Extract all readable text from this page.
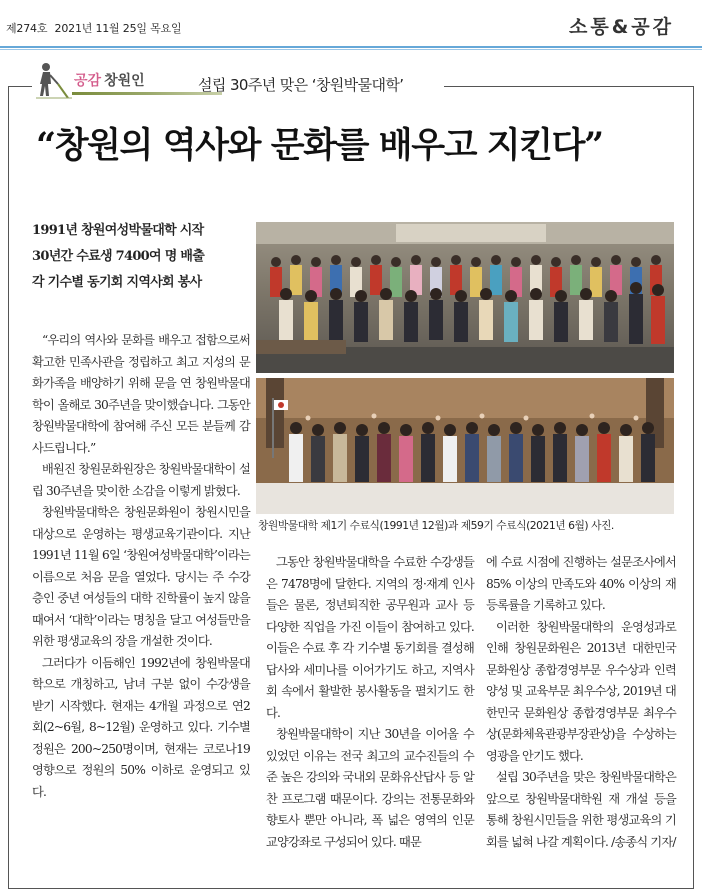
제274호 2021년 11월 25일 목요일	소통&공감
공감 창원인	설립 30주년 맞은 ‘창원박물대학’
“창원의 역사와 문화를 배우고 지킨다”
1991년 창원여성박물대학 시작
30년간 수료생 7400여 명 배출
각 기수별 동기회 지역사회 봉사
창원박물대학 제1기 수료식(1991년 12월)과 제59기 수료식(2021년 6월) 사진.

“우리의 역사와 문화를 배우고 접함으로써 확고한 민족사관을 정립하고 최고 지성의 문화가족을 배양하기 위해 문을 연 창원박물대학이 올해로 30주년을 맞이했습니다. 그동안 창원박물대학에 참여해 주신 모든 분들께 감사드립니다.”

배원진 창원문화원장은 창원박물대학이 설립 30주년을 맞이한 소감을 이렇게 밝혔다.

창원박물대학은 창원문화원이 창원시민을 대상으로 운영하는 평생교육기관이다. 지난 1991년 11월 6일 ‘창원여성박물대학’이라는 이름으로 처음 문을 열었다. 당시는 주 수강층인 중년 여성들의 대학 진학률이 높지 않을 때여서 ‘대학’이라는 명칭을 달고 여성들만을 위한 평생교육의 장을 개설한 것이다.

그러다가 이듬해인 1992년에 창원박물대학으로 개칭하고, 남녀 구분 없이 수강생을 받기 시작했다. 현재는 4개월 과정으로 연2회(2~6월, 8~12월) 운영하고 있다. 기수별 정원은 200~250명이며, 현재는 코로나19 영향으로 정원의 50% 이하로 운영되고 있다.

그동안 창원박물대학을 수료한 수강생들은 7478명에 달한다. 지역의 정·재계 인사들은 물론, 정년퇴직한 공무원과 교사 등 다양한 직업을 가진 이들이 참여하고 있다. 이들은 수료 후 각 기수별 동기회를 결성해 답사와 세미나를 이어가기도 하고, 지역사회 속에서 활발한 봉사활동을 펼치기도 한다.

창원박물대학이 지난 30년을 이어올 수 있었던 이유는 전국 최고의 교수진들의 수준 높은 강의와 국내외 문화유산답사 등 알찬 프로그램 때문이다. 강의는 전통문화와 향토사 뿐만 아니라, 폭 넓은 영역의 인문 교양강좌로 구성되어 있다. 때문

에 수료 시점에 진행하는 설문조사에서 85% 이상의 만족도와 40% 이상의 재 등록률을 기록하고 있다.

이러한 창원박물대학의 운영성과로 인해 창원문화원은 2013년 대한민국 문화원상 종합경영부문 우수상과 인력양성 및 교육부문 최우수상, 2019년 대한민국 문화원상 종합경영부문 최우수상(문화체육관광부장관상)을 수상하는 영광을 안기도 했다.

설립 30주년을 맞은 창원박물대학은 앞으로 창원박물대학원 재 개설 등을 통해 창원시민들을 위한 평생교육의 기회를 넓혀 나갈 계획이다. /송종식 기자/
